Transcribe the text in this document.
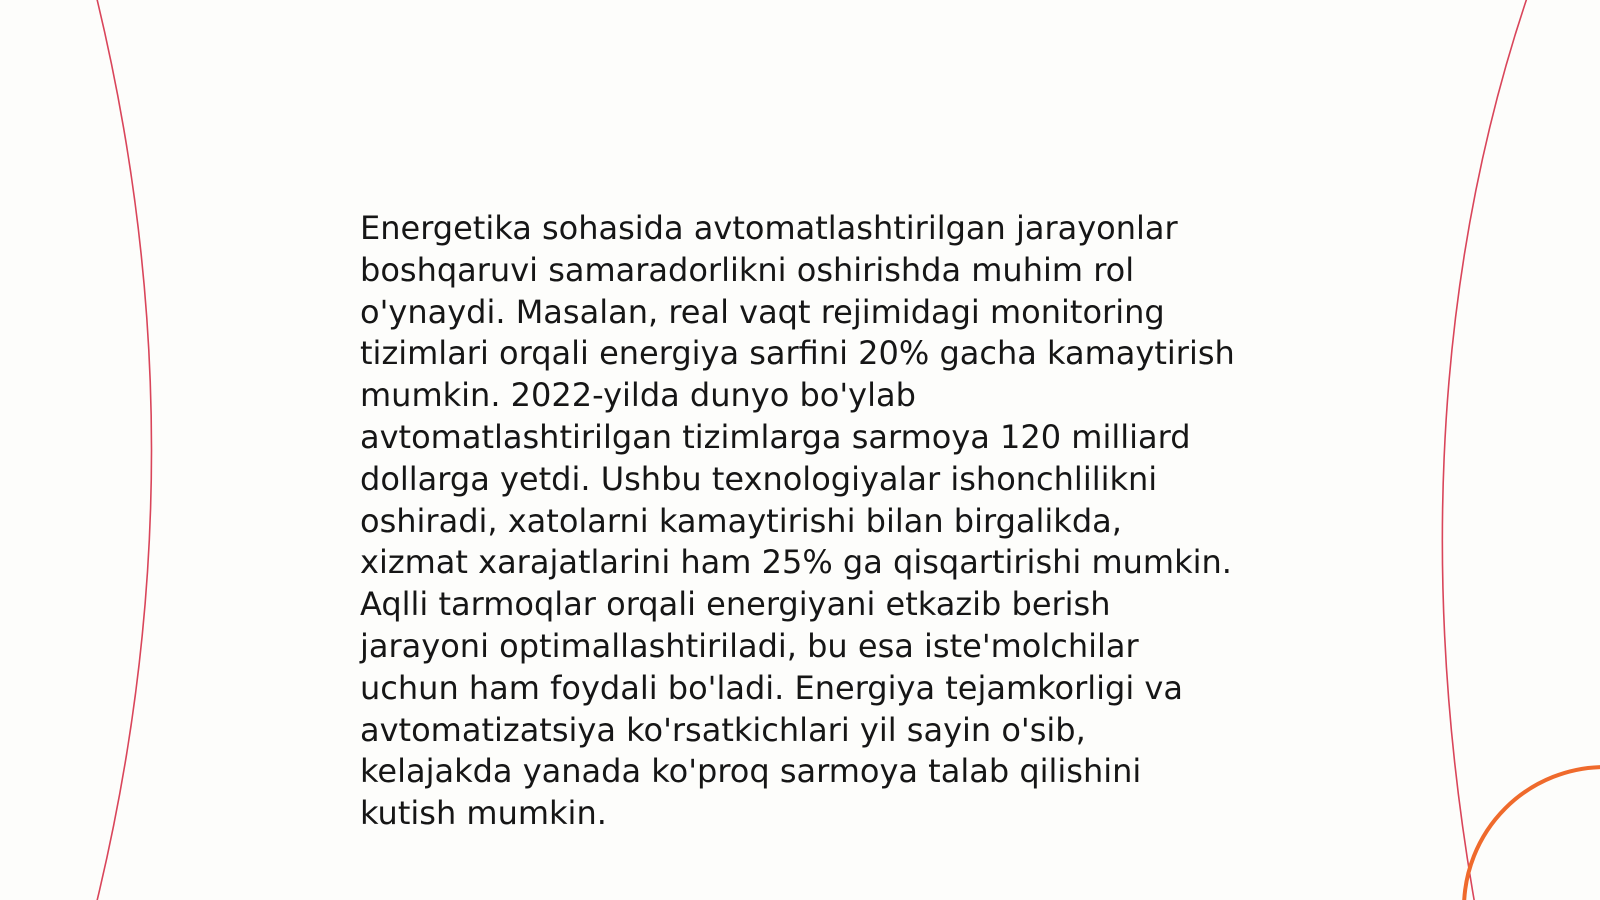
Energetika sohasida avtomatlashtirilgan jarayonlar
boshqaruvi samaradorlikni oshirishda muhim rol
o'ynaydi. Masalan, real vaqt rejimidagi monitoring
tizimlari orqali energiya sarfini 20% gacha kamaytirish
mumkin. 2022-yilda dunyo bo'ylab
avtomatlashtirilgan tizimlarga sarmoya 120 milliard
dollarga yetdi. Ushbu texnologiyalar ishonchlilikni
oshiradi, xatolarni kamaytirishi bilan birgalikda,
xizmat xarajatlarini ham 25% ga qisqartirishi mumkin.
Aqlli tarmoqlar orqali energiyani etkazib berish
jarayoni optimallashtiriladi, bu esa iste'molchilar
uchun ham foydali bo'ladi. Energiya tejamkorligi va
avtomatizatsiya ko'rsatkichlari yil sayin o'sib,
kelajakda yanada ko'proq sarmoya talab qilishini
kutish mumkin.
